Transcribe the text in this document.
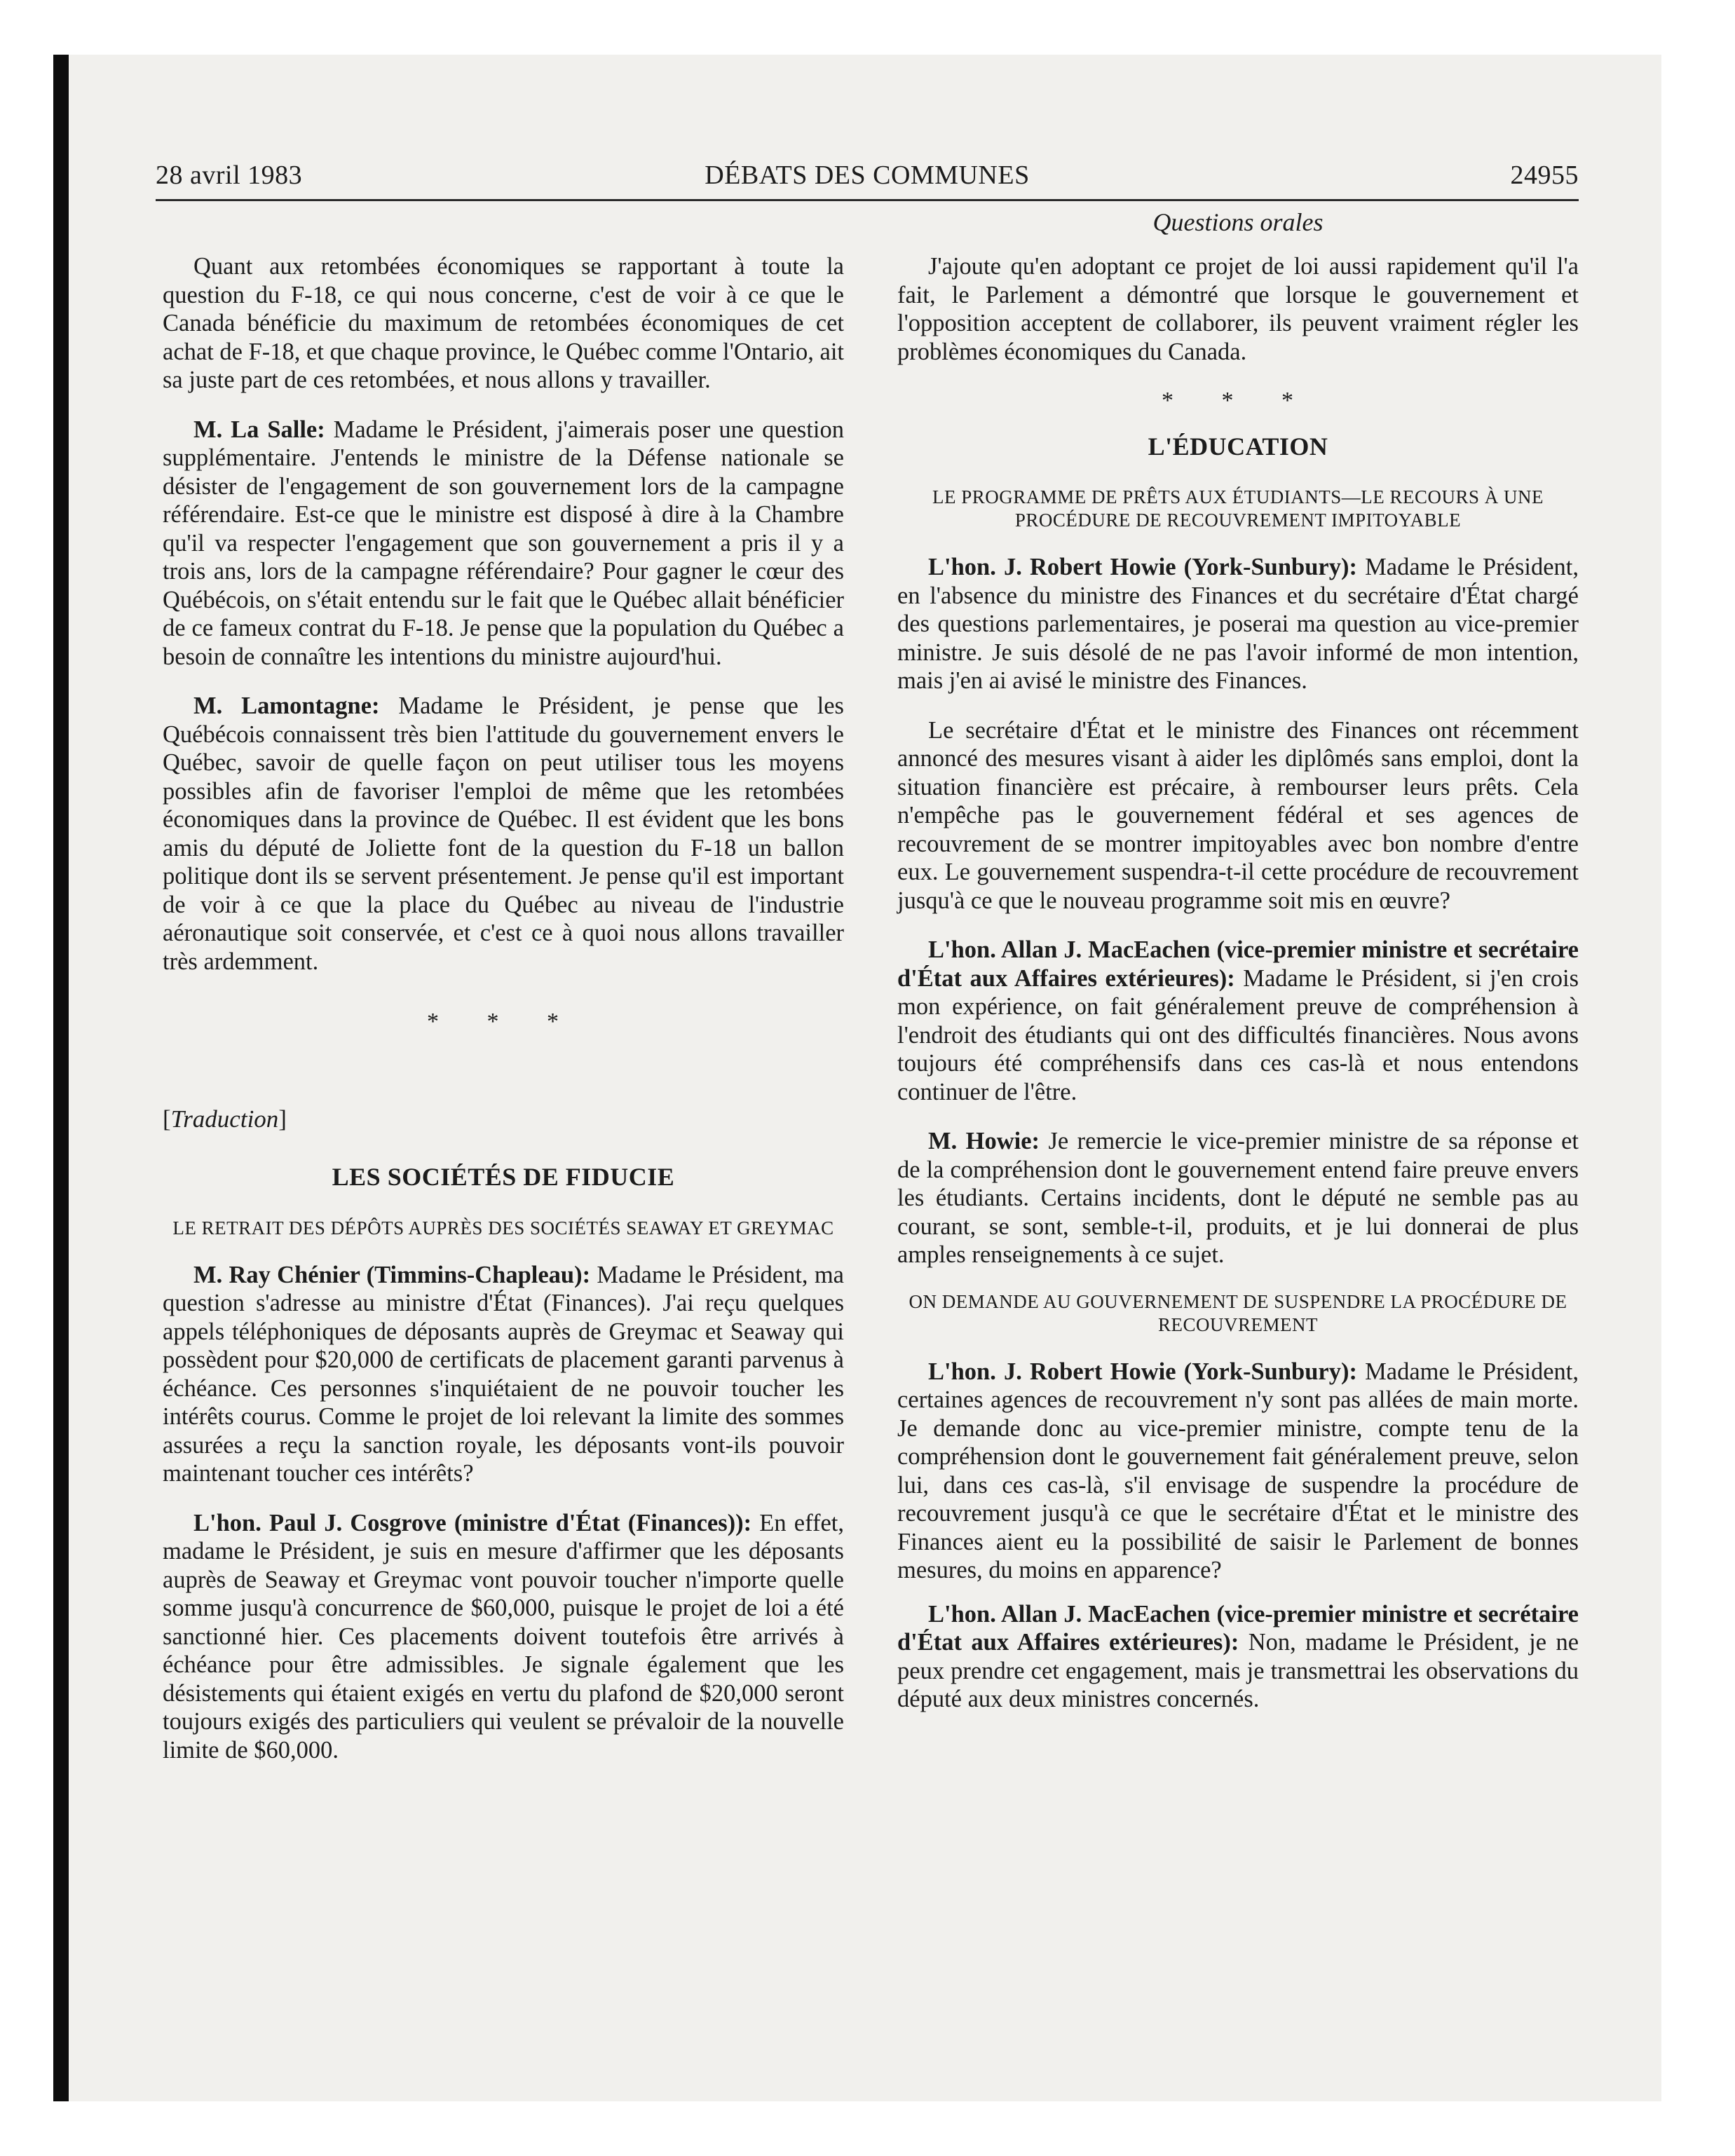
28 avril 1983	DÉBATS DES COMMUNES	24955
Questions orales

Quant aux retombées économiques se rapportant à toute la question du F-18, ce qui nous concerne, c'est de voir à ce que le Canada bénéficie du maximum de retombées économiques de cet achat de F-18, et que chaque province, le Québec comme l'Ontario, ait sa juste part de ces retombées, et nous allons y travailler.

M. La Salle: Madame le Président, j'aimerais poser une question supplémentaire. J'entends le ministre de la Défense nationale se désister de l'engagement de son gouvernement lors de la campagne référendaire. Est-ce que le ministre est disposé à dire à la Chambre qu'il va respecter l'engagement que son gouvernement a pris il y a trois ans, lors de la campagne référendaire? Pour gagner le cœur des Québécois, on s'était entendu sur le fait que le Québec allait bénéficier de ce fameux contrat du F-18. Je pense que la population du Québec a besoin de connaître les intentions du ministre aujourd'hui.

M. Lamontagne: Madame le Président, je pense que les Québécois connaissent très bien l'attitude du gouvernement envers le Québec, savoir de quelle façon on peut utiliser tous les moyens possibles afin de favoriser l'emploi de même que les retombées économiques dans la province de Québec. Il est évident que les bons amis du député de Joliette font de la question du F-18 un ballon politique dont ils se servent présentement. Je pense qu'il est important de voir à ce que la place du Québec au niveau de l'industrie aéronautique soit conservée, et c'est ce à quoi nous allons travailler très ardemment.

* * *
[Traduction]
LES SOCIÉTÉS DE FIDUCIE
LE RETRAIT DES DÉPÔTS AUPRÈS DES SOCIÉTÉS SEAWAY ET GREYMAC

M. Ray Chénier (Timmins-Chapleau): Madame le Président, ma question s'adresse au ministre d'État (Finances). J'ai reçu quelques appels téléphoniques de déposants auprès de Greymac et Seaway qui possèdent pour $20,000 de certificats de placement garanti parvenus à échéance. Ces personnes s'inquiétaient de ne pouvoir toucher les intérêts courus. Comme le projet de loi relevant la limite des sommes assurées a reçu la sanction royale, les déposants vont-ils pouvoir maintenant toucher ces intérêts?

L'hon. Paul J. Cosgrove (ministre d'État (Finances)): En effet, madame le Président, je suis en mesure d'affirmer que les déposants auprès de Seaway et Greymac vont pouvoir toucher n'importe quelle somme jusqu'à concurrence de $60,000, puisque le projet de loi a été sanctionné hier. Ces placements doivent toutefois être arrivés à échéance pour être admissibles. Je signale également que les désistements qui étaient exigés en vertu du plafond de $20,000 seront toujours exigés des particuliers qui veulent se prévaloir de la nouvelle limite de $60,000.

J'ajoute qu'en adoptant ce projet de loi aussi rapidement qu'il l'a fait, le Parlement a démontré que lorsque le gouvernement et l'opposition acceptent de collaborer, ils peuvent vraiment régler les problèmes économiques du Canada.

* * *
L'ÉDUCATION
LE PROGRAMME DE PRÊTS AUX ÉTUDIANTS—LE RECOURS À UNE PROCÉDURE DE RECOUVREMENT IMPITOYABLE

L'hon. J. Robert Howie (York-Sunbury): Madame le Président, en l'absence du ministre des Finances et du secrétaire d'État chargé des questions parlementaires, je poserai ma question au vice-premier ministre. Je suis désolé de ne pas l'avoir informé de mon intention, mais j'en ai avisé le ministre des Finances.

Le secrétaire d'État et le ministre des Finances ont récemment annoncé des mesures visant à aider les diplômés sans emploi, dont la situation financière est précaire, à rembourser leurs prêts. Cela n'empêche pas le gouvernement fédéral et ses agences de recouvrement de se montrer impitoyables avec bon nombre d'entre eux. Le gouvernement suspendra-t-il cette procédure de recouvrement jusqu'à ce que le nouveau programme soit mis en œuvre?

L'hon. Allan J. MacEachen (vice-premier ministre et secrétaire d'État aux Affaires extérieures): Madame le Président, si j'en crois mon expérience, on fait généralement preuve de compréhension à l'endroit des étudiants qui ont des difficultés financières. Nous avons toujours été compréhensifs dans ces cas-là et nous entendons continuer de l'être.

M. Howie: Je remercie le vice-premier ministre de sa réponse et de la compréhension dont le gouvernement entend faire preuve envers les étudiants. Certains incidents, dont le député ne semble pas au courant, se sont, semble-t-il, produits, et je lui donnerai de plus amples renseignements à ce sujet.

ON DEMANDE AU GOUVERNEMENT DE SUSPENDRE LA PROCÉDURE DE RECOUVREMENT

L'hon. J. Robert Howie (York-Sunbury): Madame le Président, certaines agences de recouvrement n'y sont pas allées de main morte. Je demande donc au vice-premier ministre, compte tenu de la compréhension dont le gouvernement fait généralement preuve, selon lui, dans ces cas-là, s'il envisage de suspendre la procédure de recouvrement jusqu'à ce que le secrétaire d'État et le ministre des Finances aient eu la possibilité de saisir le Parlement de bonnes mesures, du moins en apparence?

L'hon. Allan J. MacEachen (vice-premier ministre et secrétaire d'État aux Affaires extérieures): Non, madame le Président, je ne peux prendre cet engagement, mais je transmettrai les observations du député aux deux ministres concernés.
